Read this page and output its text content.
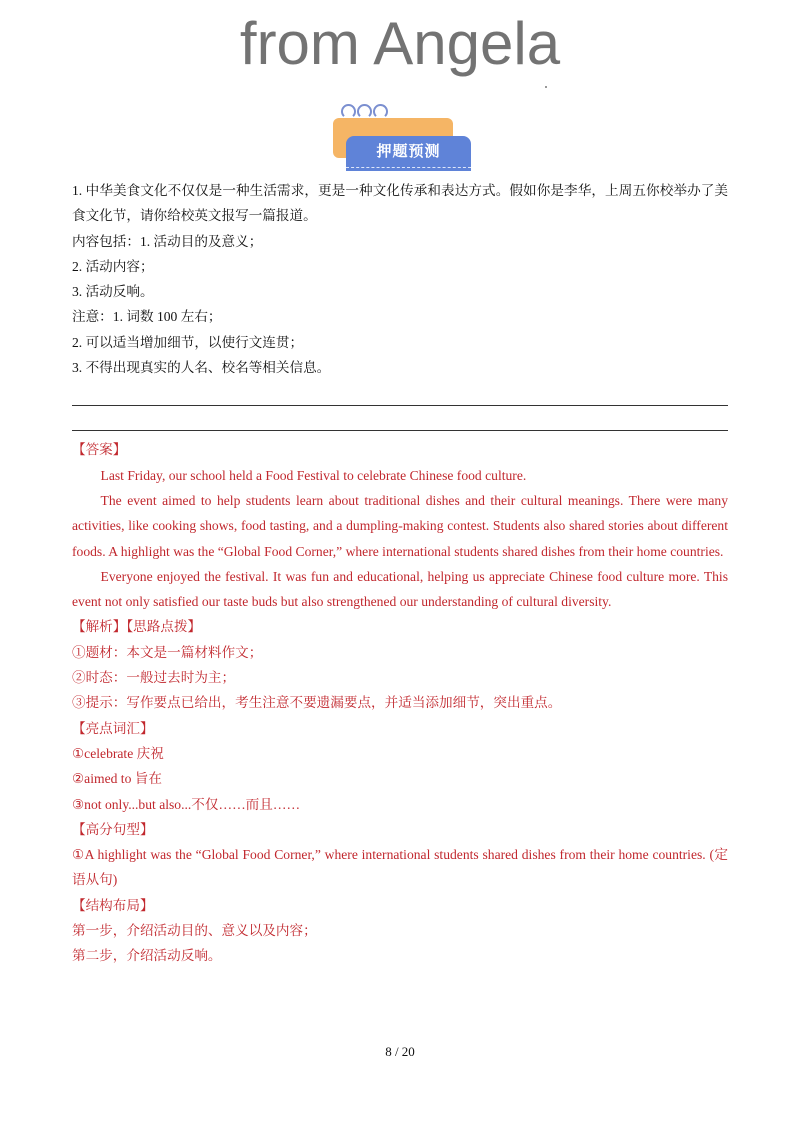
from Angela
押题预测

1. 中华美食文化不仅仅是一种生活需求，更是一种文化传承和表达方式。假如你是李华，上周五你校举办了美食文化节，请你给校英文报写一篇报道。

内容包括：1. 活动目的及意义；

2. 活动内容；

3. 活动反响。

注意：1. 词数 100 左右；

2. 可以适当增加细节，以使行文连贯；

3. 不得出现真实的人名、校名等相关信息。

【答案】

Last Friday, our school held a Food Festival to celebrate Chinese food culture.

The event aimed to help students learn about traditional dishes and their cultural meanings. There were many activities, like cooking shows, food tasting, and a dumpling-making contest. Students also shared stories about different foods. A highlight was the “Global Food Corner,” where international students shared dishes from their home countries.

Everyone enjoyed the festival. It was fun and educational, helping us appreciate Chinese food culture more. This event not only satisfied our taste buds but also strengthened our understanding of cultural diversity.

【解析】【思路点拨】

①题材：本文是一篇材料作文；

②时态：一般过去时为主；

③提示：写作要点已给出，考生注意不要遗漏要点，并适当添加细节，突出重点。

【亮点词汇】

①celebrate 庆祝

②aimed to 旨在

③not only...but also...不仅……而且……

【高分句型】

①A highlight was the “Global Food Corner,” where international students shared dishes from their home countries. (定语从句)

【结构布局】

第一步，介绍活动目的、意义以及内容；

第二步，介绍活动反响。

8 / 20
